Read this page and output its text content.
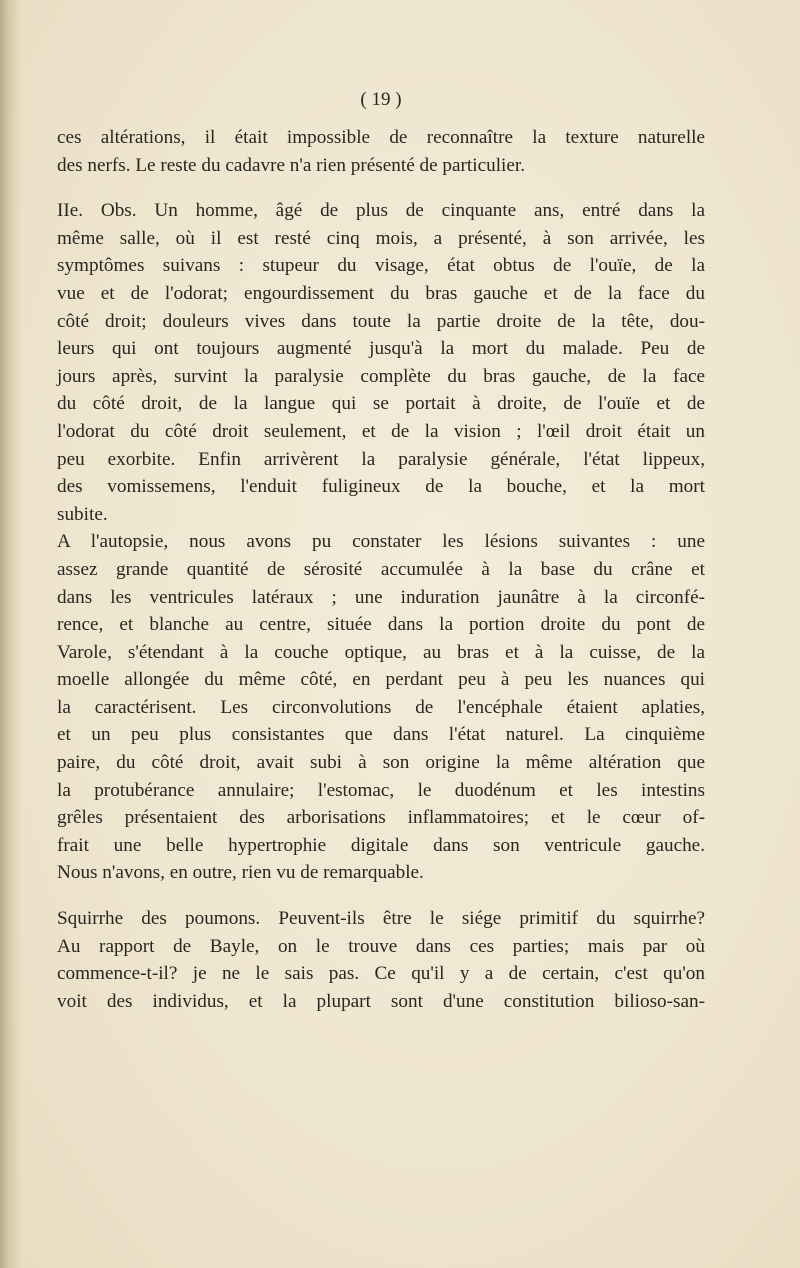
( 19 )
ces altérations, il était impossible de reconnaître la texture naturelle
des nerfs. Le reste du cadavre n'a rien présenté de particulier.
IIe. Obs. Un homme, âgé de plus de cinquante ans, entré dans la
même salle, où il est resté cinq mois, a présenté, à son arrivée, les
symptômes suivans : stupeur du visage, état obtus de l'ouïe, de la
vue et de l'odorat; engourdissement du bras gauche et de la face du
côté droit; douleurs vives dans toute la partie droite de la tête, dou-
leurs qui ont toujours augmenté jusqu'à la mort du malade. Peu de
jours après, survint la paralysie complète du bras gauche, de la face
du côté droit, de la langue qui se portait à droite, de l'ouïe et de
l'odorat du côté droit seulement, et de la vision ; l'œil droit était un
peu exorbite. Enfin arrivèrent la paralysie générale, l'état lippeux,
des vomissemens, l'enduit fuligineux de la bouche, et la mort
subite.
A l'autopsie, nous avons pu constater les lésions suivantes : une
assez grande quantité de sérosité accumulée à la base du crâne et
dans les ventricules latéraux ; une induration jaunâtre à la circonfé-
rence, et blanche au centre, située dans la portion droite du pont de
Varole, s'étendant à la couche optique, au bras et à la cuisse, de la
moelle allongée du même côté, en perdant peu à peu les nuances qui
la caractérisent. Les circonvolutions de l'encéphale étaient aplaties,
et un peu plus consistantes que dans l'état naturel. La cinquième
paire, du côté droit, avait subi à son origine la même altération que
la protubérance annulaire; l'estomac, le duodénum et les intestins
grêles présentaient des arborisations inflammatoires; et le cœur of-
frait une belle hypertrophie digitale dans son ventricule gauche.
Nous n'avons, en outre, rien vu de remarquable.
Squirrhe des poumons. Peuvent-ils être le siége primitif du squirrhe?
Au rapport de Bayle, on le trouve dans ces parties; mais par où
commence-t-il? je ne le sais pas. Ce qu'il y a de certain, c'est qu'on
voit des individus, et la plupart sont d'une constitution bilioso-san-
